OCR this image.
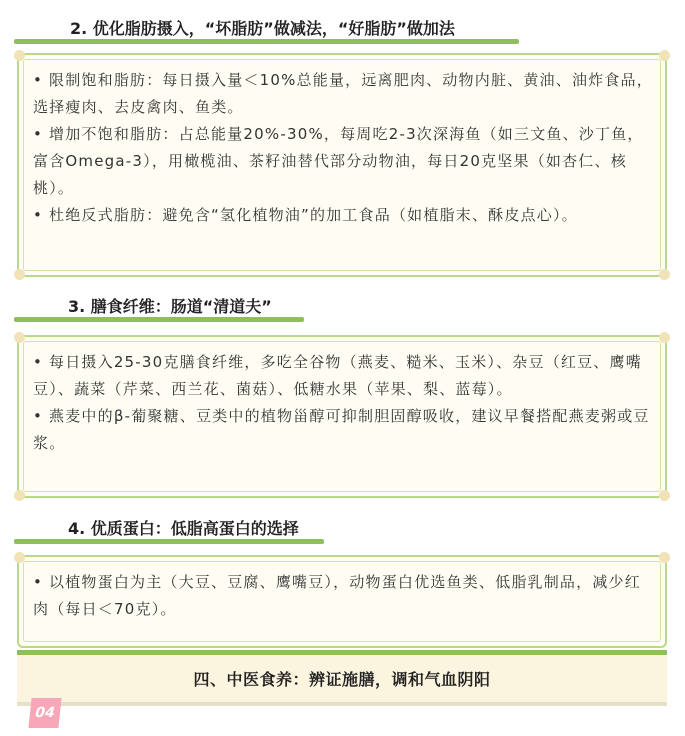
2. 优化脂肪摄入，“坏脂肪”做减法，“好脂肪”做加法

• 限制饱和脂肪：每日摄入量＜10%总能量，远离肥肉、动物内脏、黄油、油炸食品，选择瘦肉、去皮禽肉、鱼类。

• 增加不饱和脂肪：占总能量20%-30%，每周吃2-3次深海鱼（如三文鱼、沙丁鱼，富含Omega-3），用橄榄油、茶籽油替代部分动物油，每日20克坚果（如杏仁、核桃）。

• 杜绝反式脂肪：避免含“氢化植物油”的加工食品（如植脂末、酥皮点心）。

3. 膳食纤维：肠道“清道夫”

• 每日摄入25-30克膳食纤维，多吃全谷物（燕麦、糙米、玉米）、杂豆（红豆、鹰嘴豆）、蔬菜（芹菜、西兰花、菌菇）、低糖水果（苹果、梨、蓝莓）。

• 燕麦中的β-葡聚糖、豆类中的植物甾醇可抑制胆固醇吸收，建议早餐搭配燕麦粥或豆浆。

4. 优质蛋白：低脂高蛋白的选择

• 以植物蛋白为主（大豆、豆腐、鹰嘴豆），动物蛋白优选鱼类、低脂乳制品，减少红肉（每日＜70克）。

四、中医食养：辨证施膳，调和气血阴阳
04
